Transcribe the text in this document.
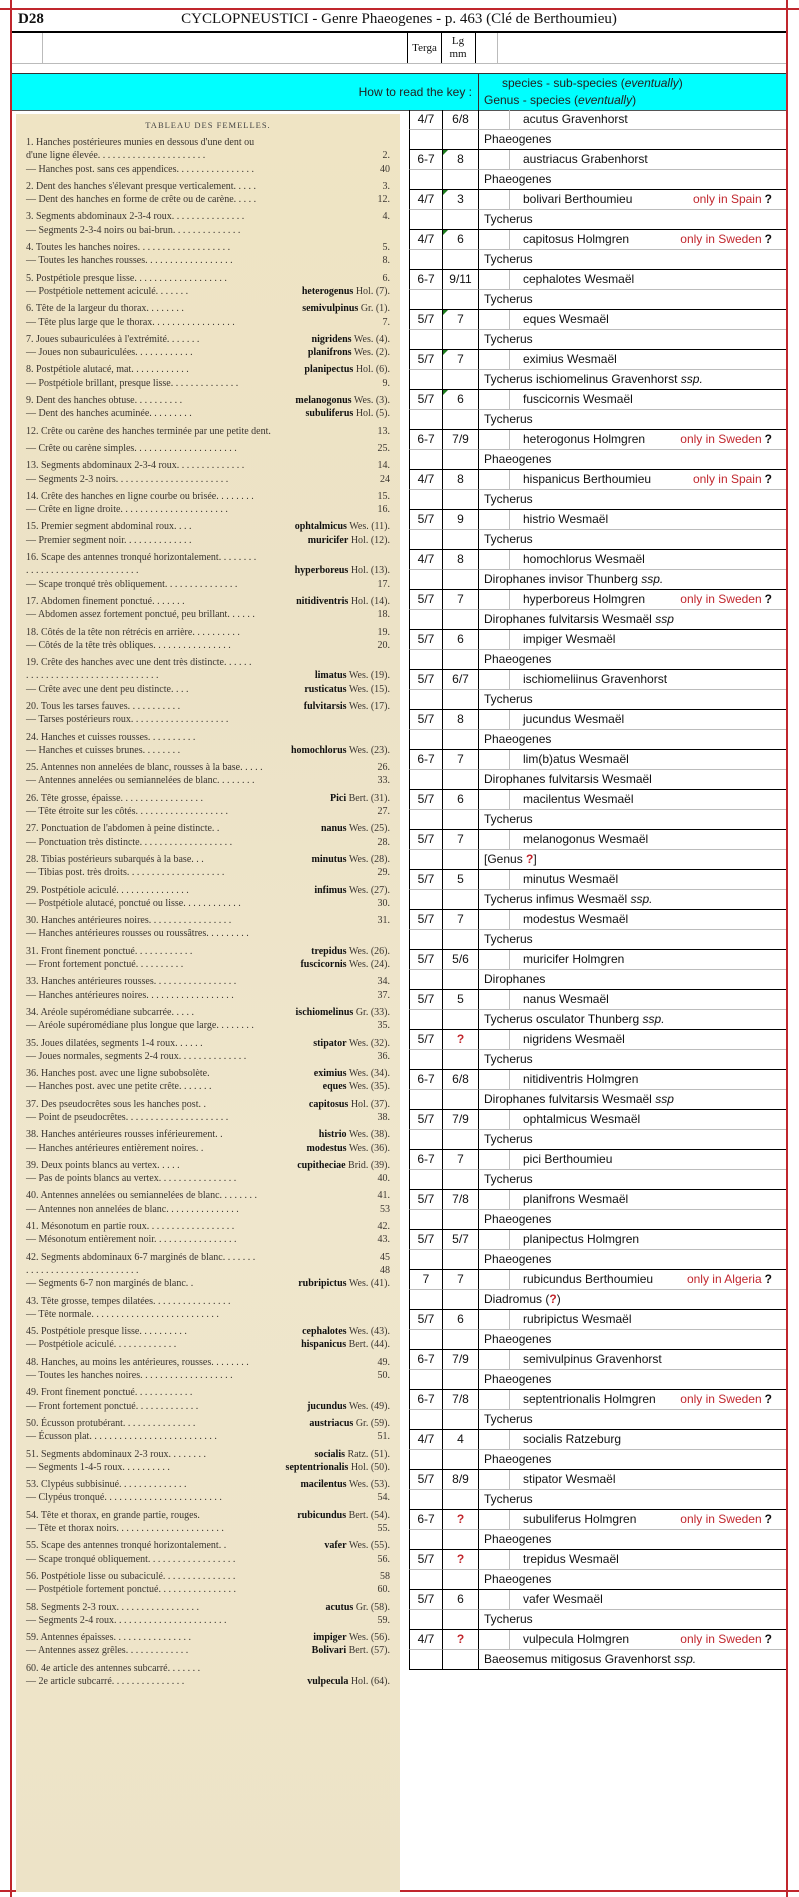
D28	CYCLOPNEUSTICI - Genre Phaeogenes - p. 463 (Clé de Berthoumieu)
Terga
Lg
mm
How to read the key :
species - sub-species (eventually)
Genus - species (eventually)
TABLEAU DES FEMELLES.
1. Hanches postérieures munies en dessous d'une dent ou
d'une ligne élevée. . . . . . . . . . . . . . . . . . . . . .	2.
— Hanches post. sans ces appendices. . . . . . . . . . . . . . . .	40
2. Dent des hanches s'élevant presque verticalement. . . . .	3.
— Dent des hanches en forme de crête ou de carène. . . . .	12.
3. Segments abdominaux 2-3-4 roux. . . . . . . . . . . . . . .	4.
— Segments 2-3-4 noirs ou bai-brun. . . . . . . . . . . . . .
4. Toutes les hanches noires. . . . . . . . . . . . . . . . . . .	5.
— Toutes les hanches rousses. . . . . . . . . . . . . . . . . .	8.
5. Postpétiole presque lisse. . . . . . . . . . . . . . . . . . .	6.
— Postpétiole nettement aciculé. . . . . . .	heterogenus Hol. (7).
6. Tête de la largeur du thorax. . . . . . . .	semivulpinus Gr. (1).
— Tête plus large que le thorax. . . . . . . . . . . . . . . . .	7.
7. Joues subauriculées à l'extrémité. . . . . . .	nigridens Wes. (4).
— Joues non subauriculées. . . . . . . . . . . .	planifrons Wes. (2).
8. Postpétiole alutacé, mat. . . . . . . . . . . .	planipectus Hol. (6).
— Postpétiole brillant, presque lisse. . . . . . . . . . . . . .	9.
9. Dent des hanches obtuse. . . . . . . . . .	melanogonus Wes. (3).
— Dent des hanches acuminée. . . . . . . . .	subuliferus Hol. (5).
12. Crête ou carène des hanches terminée par une petite dent.	13.
— Crête ou carène simples. . . . . . . . . . . . . . . . . . . . .	25.
13. Segments abdominaux 2-3-4 roux. . . . . . . . . . . . . .	14.
— Segments 2-3 noirs. . . . . . . . . . . . . . . . . . . . . . .	24
14. Crête des hanches en ligne courbe ou brisée. . . . . . . .	15.
— Crête en ligne droite. . . . . . . . . . . . . . . . . . . . . .	16.
15. Premier segment abdominal roux. . . .	ophtalmicus Wes. (11).
— Premier segment noir. . . . . . . . . . . . . .	muricifer Hol. (12).
16. Scape des antennes tronqué horizontalement. . . . . . . .
. . . . . . . . . . . . . . . . . . . . . . .	hyperboreus Hol. (13).
— Scape tronqué très obliquement. . . . . . . . . . . . . . .	17.
17. Abdomen finement ponctué. . . . . . .	nitidiventris Hol. (14).
— Abdomen assez fortement ponctué, peu brillant. . . . . .	18.
18. Côtés de la tête non rétrécis en arrière. . . . . . . . . .	19.
— Côtés de la tête très obliques. . . . . . . . . . . . . . . .	20.
19. Crête des hanches avec une dent très distincte. . . . . .
. . . . . . . . . . . . . . . . . . . . . . . . . . .	limatus Wes. (19).
— Crête avec une dent peu distincte. . . .	rusticatus Wes. (15).
20. Tous les tarses fauves. . . . . . . . . . .	fulvitarsis Wes. (17).
— Tarses postérieurs roux. . . . . . . . . . . . . . . . . . . .
24. Hanches et cuisses rousses. . . . . . . . . .
— Hanches et cuisses brunes. . . . . . . .	homochlorus Wes. (23).
25. Antennes non annelées de blanc, rousses à la base. . . . .	26.
— Antennes annelées ou semiannelées de blanc. . . . . . . .	33.
26. Tête grosse, épaisse. . . . . . . . . . . . . . . . .	Pici Bert. (31).
— Tête étroite sur les côtés. . . . . . . . . . . . . . . . . . .	27.
27. Ponctuation de l'abdomen à peine distincte. .	nanus Wes. (25).
— Ponctuation très distincte. . . . . . . . . . . . . . . . . . .	28.
28. Tibias postérieurs subarqués à la base. . .	minutus Wes. (28).
— Tibias post. très droits. . . . . . . . . . . . . . . . . . . .	29.
29. Postpétiole aciculé. . . . . . . . . . . . . . .	infimus Wes. (27).
— Postpétiole alutacé, ponctué ou lisse. . . . . . . . . . . .	30.
30. Hanches antérieures noires. . . . . . . . . . . . . . . . .	31.
— Hanches antérieures rousses ou roussâtres. . . . . . . . .
31. Front finement ponctué. . . . . . . . . . . .	trepidus Wes. (26).
— Front fortement ponctué. . . . . . . . . .	fuscicornis Wes. (24).
33. Hanches antérieures rousses. . . . . . . . . . . . . . . . .	34.
— Hanches antérieures noires. . . . . . . . . . . . . . . . . .	37.
34. Aréole supéromédiane subcarrée. . . . .	ischiomelinus Gr. (33).
— Aréole supéromédiane plus longue que large. . . . . . . .	35.
35. Joues dilatées, segments 1-4 roux. . . . . .	stipator Wes. (32).
— Joues normales, segments 2-4 roux. . . . . . . . . . . . . .	36.
36. Hanches post. avec une ligne subobsolète.	eximius Wes. (34).
— Hanches post. avec une petite crête. . . . . . .	eques Wes. (35).
37. Des pseudocrêtes sous les hanches post. .	capitosus Hol. (37).
— Point de pseudocrêtes. . . . . . . . . . . . . . . . . . . . .	38.
38. Hanches antérieures rousses inférieurement. .	histrio Wes. (38).
— Hanches antérieures entièrement noires. .	modestus Wes. (36).
39. Deux points blancs au vertex. . . . .	cupitheciae Brid. (39).
— Pas de points blancs au vertex. . . . . . . . . . . . . . . .	40.
40. Antennes annelées ou semiannelées de blanc. . . . . . . .	41.
— Antennes non annelées de blanc. . . . . . . . . . . . . . .	53
41. Mésonotum en partie roux. . . . . . . . . . . . . . . . . .	42.
— Mésonotum entièrement noir. . . . . . . . . . . . . . . . .	43.
42. Segments abdominaux 6-7 marginés de blanc. . . . . . .	45
. . . . . . . . . . . . . . . . . . . . . . .	48
— Segments 6-7 non marginés de blanc. .	rubripictus Wes. (41).
43. Tête grosse, tempes dilatées. . . . . . . . . . . . . . . .
— Tête normale. . . . . . . . . . . . . . . . . . . . . . . . . .
45. Postpétiole presque lisse. . . . . . . . . .	cephalotes Wes. (43).
— Postpétiole aciculé. . . . . . . . . . . . .	hispanicus Bert. (44).
48. Hanches, au moins les antérieures, rousses. . . . . . . .	49.
— Toutes les hanches noires. . . . . . . . . . . . . . . . . . .	50.
49. Front finement ponctué. . . . . . . . . . . .
— Front fortement ponctué. . . . . . . . . . . . .	jucundus Wes. (49).
50. Écusson protubérant. . . . . . . . . . . . . . .	austriacus Gr. (59).
— Écusson plat. . . . . . . . . . . . . . . . . . . . . . . . . .	51.
51. Segments abdominaux 2-3 roux. . . . . . . .	socialis Ratz. (51).
— Segments 1-4-5 roux. . . . . . . . . .	septentrionalis Hol. (50).
53. Clypéus subbisinué. . . . . . . . . . . . . .	macilentus Wes. (53).
— Clypéus tronqué. . . . . . . . . . . . . . . . . . . . . . . .	54.
54. Tête et thorax, en grande partie, rouges.	rubicundus Bert. (54).
— Tête et thorax noirs. . . . . . . . . . . . . . . . . . . . . .	55.
55. Scape des antennes tronqué horizontalement. .	vafer Wes. (55).
— Scape tronqué obliquement. . . . . . . . . . . . . . . . . .	56.
56. Postpétiole lisse ou subaciculé. . . . . . . . . . . . . . .	58
— Postpétiole fortement ponctué. . . . . . . . . . . . . . . .	60.
58. Segments 2-3 roux. . . . . . . . . . . . . . . . .	acutus Gr. (58).
— Segments 2-4 roux. . . . . . . . . . . . . . . . . . . . . . .	59.
59. Antennes épaisses. . . . . . . . . . . . . . . .	impiger Wes. (56).
— Antennes assez grêles. . . . . . . . . . . . .	Bolivari Bert. (57).
60. 4e article des antennes subcarré. . . . . . .
— 2e article subcarré. . . . . . . . . . . . . . .	vulpecula Hol. (64).
4/7	6/8	acutus Gravenhorst
Phaeogenes
6-7	8	austriacus Grabenhorst
Phaeogenes
4/7	3	bolivari Berthoumieu	only in Spain ?
Tycherus
4/7	6	capitosus Holmgren	only in Sweden ?
Tycherus
6-7	9/11	cephalotes Wesmaël
Tycherus
5/7	7	eques Wesmaël
Tycherus
5/7	7	eximius Wesmaël
Tycherus ischiomelinus Gravenhorst ssp.
5/7	6	fuscicornis Wesmaël
Tycherus
6-7	7/9	heterogonus Holmgren	only in Sweden ?
Phaeogenes
4/7	8	hispanicus Berthoumieu	only in Spain ?
Tycherus
5/7	9	histrio Wesmaël
Tycherus
4/7	8	homochlorus Wesmaël
Dirophanes invisor Thunberg ssp.
5/7	7	hyperboreus Holmgren	only in Sweden ?
Dirophanes fulvitarsis Wesmaël ssp
5/7	6	impiger Wesmaël
Phaeogenes
5/7	6/7	ischiomeliinus Gravenhorst
Tycherus
5/7	8	jucundus Wesmaël
Phaeogenes
6-7	7	lim(b)atus Wesmaël
Dirophanes fulvitarsis Wesmaël
5/7	6	macilentus Wesmaël
Tycherus
5/7	7	melanogonus Wesmaël
[Genus ?]
5/7	5	minutus Wesmaël
Tycherus infimus Wesmaël ssp.
5/7	7	modestus Wesmaël
Tycherus
5/7	5/6	muricifer Holmgren
Dirophanes
5/7	5	nanus Wesmaël
Tycherus osculator Thunberg ssp.
5/7	?	nigridens Wesmaël
Tycherus
6-7	6/8	nitidiventris Holmgren
Dirophanes fulvitarsis Wesmaël ssp
5/7	7/9	ophtalmicus Wesmaël
Tycherus
6-7	7	pici Berthoumieu
Tycherus
5/7	7/8	planifrons Wesmaël
Phaeogenes
5/7	5/7	planipectus Holmgren
Phaeogenes
7	7	rubicundus Berthoumieu	only in Algeria ?
Diadromus (?)
5/7	6	rubripictus Wesmaël
Phaeogenes
6-7	7/9	semivulpinus Gravenhorst
Phaeogenes
6-7	7/8	septentrionalis Holmgren only in Sweden ?
Tycherus
4/7	4	socialis Ratzeburg
Phaeogenes
5/7	8/9	stipator Wesmaël
Tycherus
6-7	?	subuliferus Holmgren	only in Sweden ?
Phaeogenes
5/7	?	trepidus Wesmaël
Phaeogenes
5/7	6	vafer Wesmaël
Tycherus
4/7	?	vulpecula Holmgren	only in Sweden ?
Baeosemus mitigosus Gravenhorst ssp.
